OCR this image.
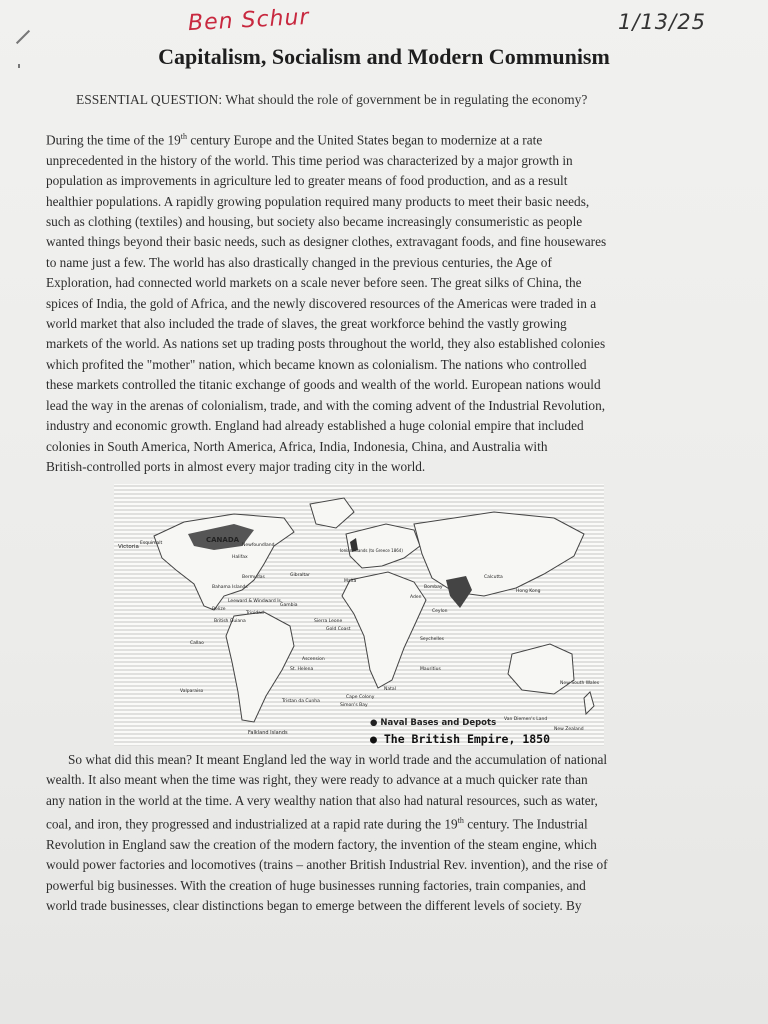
Ben Schur	1/13/25
Capitalism, Socialism and Modern Communism
ESSENTIAL QUESTION: What should the role of government be in regulating the economy?
During the time of the 19th century Europe and the United States began to modernize at a rate
unprecedented in the history of the world. This time period was characterized by a major growth in
population as improvements in agriculture led to greater means of food production, and as a result
healthier populations. A rapidly growing population required many products to meet their basic needs,
such as clothing (textiles) and housing, but society also became increasingly consumeristic as people
wanted things beyond their basic needs, such as designer clothes, extravagant foods, and fine housewares
to name just a few. The world has also drastically changed in the previous centuries, the Age of
Exploration, had connected world markets on a scale never before seen. The great silks of China, the
spices of India, the gold of Africa, and the newly discovered resources of the Americas were traded in a
world market that also included the trade of slaves, the great workforce behind the vastly growing
markets of the world. As nations set up trading posts throughout the world, they also established colonies
which profited the "mother" nation, which became known as colonialism. The nations who controlled
these markets controlled the titanic exchange of goods and wealth of the world. European nations would
lead the way in the arenas of colonialism, trade, and with the coming advent of the Industrial Revolution,
industry and economic growth. England had already established a huge colonial empire that included
colonies in South America, North America, Africa, India, Indonesia, China, and Australia with
British-controlled ports in almost every major trading city in the world.
CANADA
Victoria
Esquimalt	Newfoundland
Halifax
Bermudas
Bahama Islands
Leeward & Windward Is.
Belize
Trinidad
British Guiana
Callao
Valparaiso
Falkland Islands
Gibraltar
Malta
Ionian Islands (to Greece 1864)
Gambia
Sierra Leone
Gold Coast
Ascension
St. Helena
Tristan da Cunha
Cape Colony
Natal
Simon's Bay
Aden
Bombay
Ceylon
Calcutta
Hong Kong
Mauritius
Seychelles
Van Diemen's Land
New Zealand
New South Wales
● Naval Bases and Depots
● The British Empire, 1850
So what did this mean? It meant England led the way in world trade and the accumulation of national
wealth. It also meant when the time was right, they were ready to advance at a much quicker rate than
any nation in the world at the time. A very wealthy nation that also had natural resources, such as water,
coal, and iron, they progressed and industrialized at a rapid rate during the 19th century. The Industrial
Revolution in England saw the creation of the modern factory, the invention of the steam engine, which
would power factories and locomotives (trains – another British Industrial Rev. invention), and the rise of
powerful big businesses. With the creation of huge businesses running factories, train companies, and
world trade businesses, clear distinctions began to emerge between the different levels of society. By
